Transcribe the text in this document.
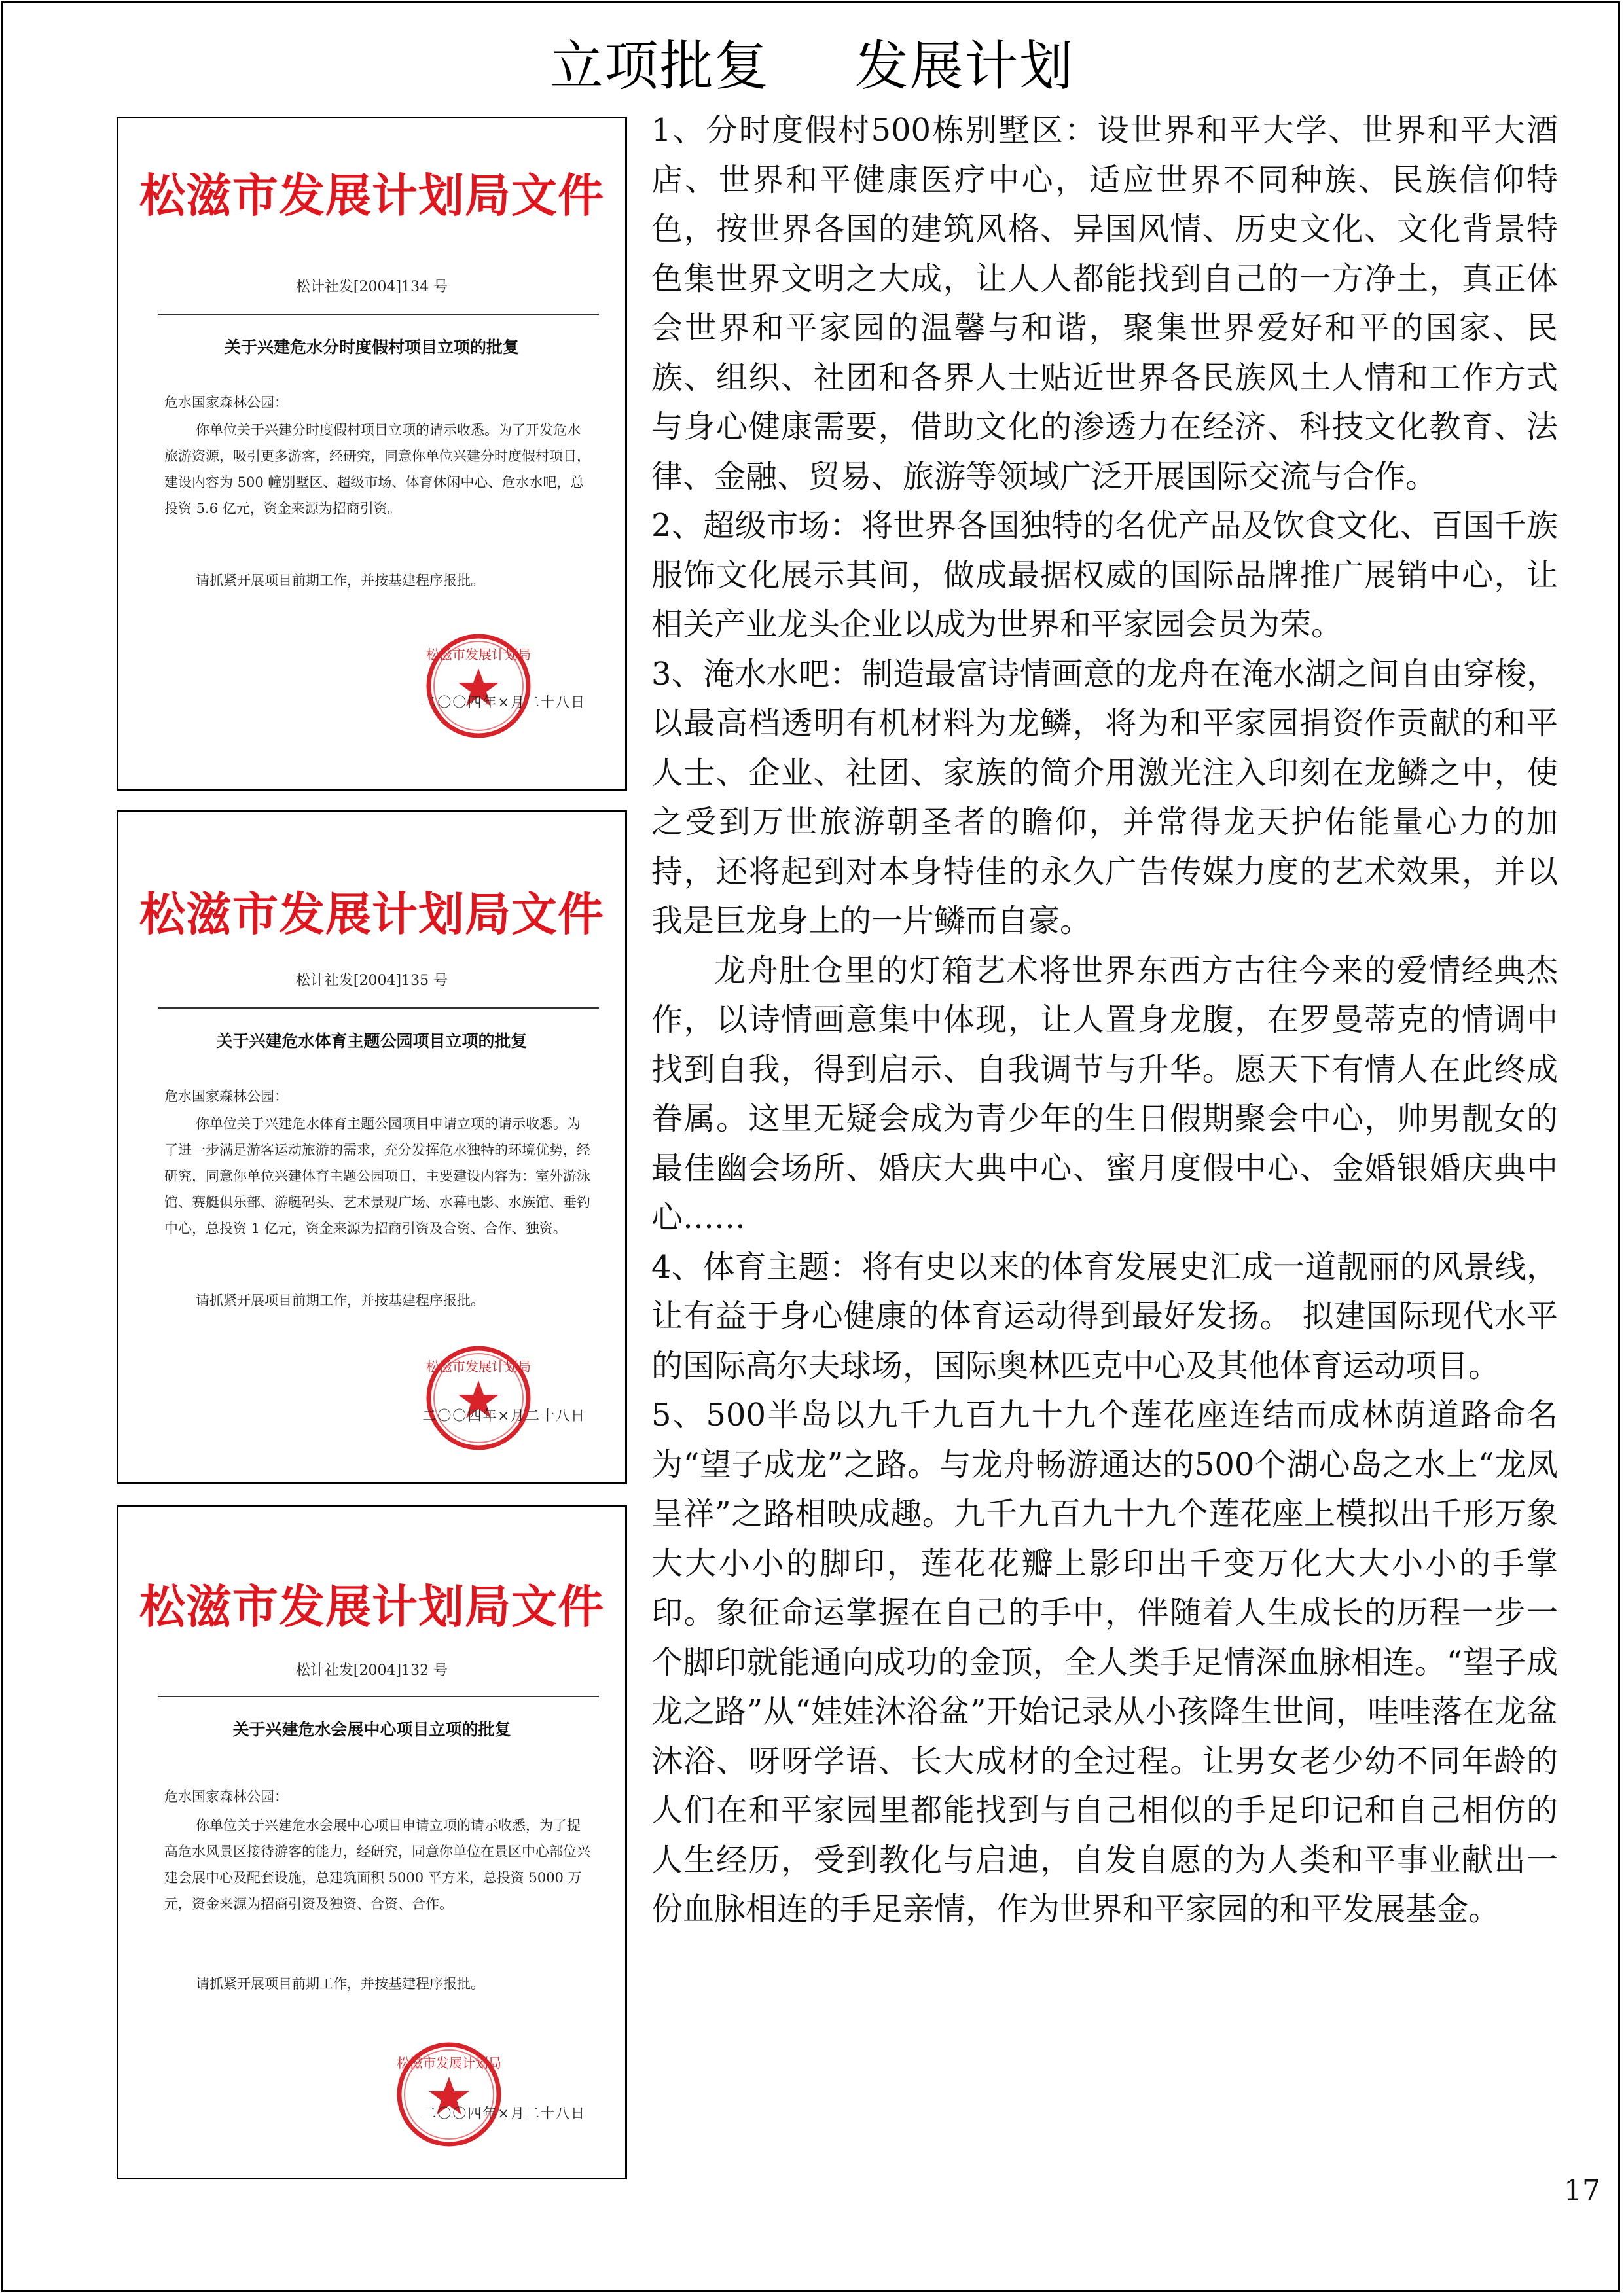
立项批复 发展计划
松滋市发展计划局文件
松计社发[2004]134 号
关于兴建危水分时度假村项目立项的批复
危水国家森林公园：

你单位关于兴建分时度假村项目立项的请示收悉。为了开发危水旅游资源，吸引更多游客，经研究，同意你单位兴建分时度假村项目，建设内容为 500 幢别墅区、超级市场、体育休闲中心、危水水吧，总投资 5.6 亿元，资金来源为招商引资。

请抓紧开展项目前期工作，并按基建程序报批。

松滋市发展计划局
二〇〇四年×月二十八日
松滋市发展计划局文件
松计社发[2004]135 号
关于兴建危水体育主题公园项目立项的批复
危水国家森林公园：

你单位关于兴建危水体育主题公园项目申请立项的请示收悉。为了进一步满足游客运动旅游的需求，充分发挥危水独特的环境优势，经研究，同意你单位兴建体育主题公园项目，主要建设内容为：室外游泳馆、赛艇俱乐部、游艇码头、艺术景观广场、水幕电影、水族馆、垂钓中心，总投资 1 亿元，资金来源为招商引资及合资、合作、独资。

请抓紧开展项目前期工作，并按基建程序报批。

松滋市发展计划局
二〇〇四年×月二十八日
松滋市发展计划局文件
松计社发[2004]132 号
关于兴建危水会展中心项目立项的批复
危水国家森林公园：

你单位关于兴建危水会展中心项目申请立项的请示收悉，为了提高危水风景区接待游客的能力，经研究，同意你单位在景区中心部位兴建会展中心及配套设施，总建筑面积 5000 平方米，总投资 5000 万元，资金来源为招商引资及独资、合资、合作。

请抓紧开展项目前期工作，并按基建程序报批。

松滋市发展计划局
二〇〇四年×月二十八日

1、分时度假村500栋别墅区：设世界和平大学、世界和平大酒店、世界和平健康医疗中心，适应世界不同种族、民族信仰特色，按世界各国的建筑风格、异国风情、历史文化、文化背景特色集世界文明之大成，让人人都能找到自己的一方净土，真正体会世界和平家园的温馨与和谐，聚集世界爱好和平的国家、民族、组织、社团和各界人士贴近世界各民族风土人情和工作方式与身心健康需要，借助文化的渗透力在经济、科技文化教育、法律、金融、贸易、旅游等领域广泛开展国际交流与合作。

2、超级市场：将世界各国独特的名优产品及饮食文化、百国千族服饰文化展示其间，做成最据权威的国际品牌推广展销中心，让相关产业龙头企业以成为世界和平家园会员为荣。

3、淹水水吧：制造最富诗情画意的龙舟在淹水湖之间自由穿梭，以最高档透明有机材料为龙鳞，将为和平家园捐资作贡献的和平人士、企业、社团、家族的简介用激光注入印刻在龙鳞之中，使之受到万世旅游朝圣者的瞻仰，并常得龙天护佑能量心力的加持，还将起到对本身特佳的永久广告传媒力度的艺术效果，并以我是巨龙身上的一片鳞而自豪。

龙舟肚仓里的灯箱艺术将世界东西方古往今来的爱情经典杰作，以诗情画意集中体现，让人置身龙腹，在罗曼蒂克的情调中找到自我，得到启示、自我调节与升华。愿天下有情人在此终成眷属。这里无疑会成为青少年的生日假期聚会中心，帅男靓女的最佳幽会场所、婚庆大典中心、蜜月度假中心、金婚银婚庆典中心……

4、体育主题：将有史以来的体育发展史汇成一道靓丽的风景线，让有益于身心健康的体育运动得到最好发扬。 拟建国际现代水平的国际高尔夫球场，国际奥林匹克中心及其他体育运动项目。

5、500半岛以九千九百九十九个莲花座连结而成林荫道路命名为“望子成龙”之路。与龙舟畅游通达的500个湖心岛之水上“龙凤呈祥”之路相映成趣。九千九百九十九个莲花座上模拟出千形万象大大小小的脚印，莲花花瓣上影印出千变万化大大小小的手掌印。象征命运掌握在自己的手中，伴随着人生成长的历程一步一个脚印就能通向成功的金顶，全人类手足情深血脉相连。“望子成龙之路”从“娃娃沐浴盆”开始记录从小孩降生世间，哇哇落在龙盆沐浴、呀呀学语、长大成材的全过程。让男女老少幼不同年龄的人们在和平家园里都能找到与自己相似的手足印记和自己相仿的人生经历，受到教化与启迪，自发自愿的为人类和平事业献出一份血脉相连的手足亲情，作为世界和平家园的和平发展基金。

17
